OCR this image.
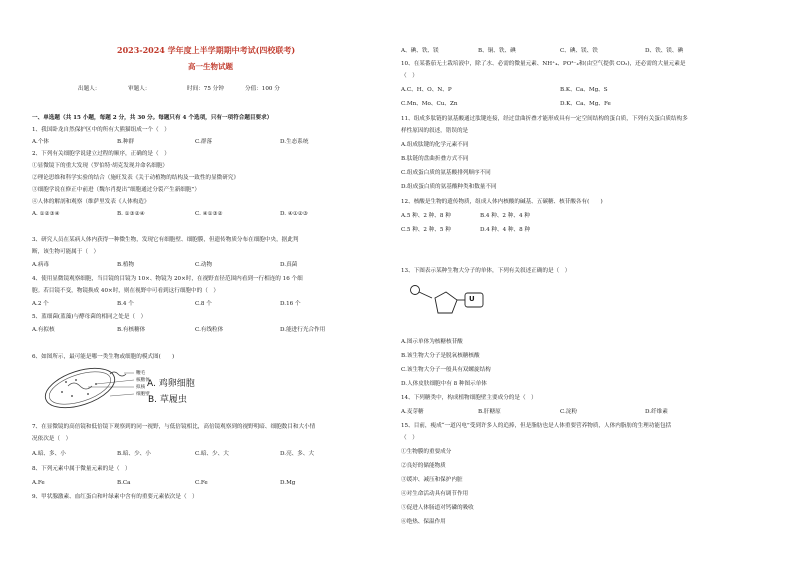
2023-2024 学年度上半学期期中考试(四校联考)
高一生物试题
出题人：	审题人：	时间：75 分钟	分值：100 分
一、单选题（共 15 小题，每题 2 分，共 30 分。每题只有 4 个选项，只有一项符合题目要求）
1、我国卧龙自然保护区中的所有大熊猫组成一个（　）
A.个体	B.种群	C.群落	D.生态系统
2、下列有关细胞学说建立过程的顺序，正确的是（　）
①显微镜下的重大发现（罗伯特·胡克发现并命名细胞）
②理论思维和科学实验的结合（施旺发表《关于动植物的结构及一致性的显微研究》
③细胞学说在修正中前进（魏尔肖提出“细胞通过分裂产生新细胞”）
④人体的解剖和观察（维萨里发表《人体构造》
A. ①②③④	B. ①③②④	C. ④①③②	D. ④①②③
3、研究人员在某病人体内获得一种微生物，发现它有细胞壁、细胞膜，但遗传物质分布在细胞中央，据此判
断，该生物可能属于（　）
A.病毒	B.植物	C.动物	D.真菌
4、使用显微镜观察细胞，当目镜的目镜为 10×、物镜为 20×时，在视野直径范围内看到一行相连的 16 个细
胞。若目镜不变，物镜换成 40×时，则在视野中可看到这行细胞中的（　）
A.2 个	B.4 个	C.8 个	D.16 个
5、蓝细菌(蓝藻)与酵母菌的相同之处是（　）
A.有拟核	B.有核糖体	C.有线粒体	D.能进行光合作用
6、如图所示，最可能是哪一类生物或细胞的模式图(　　)
鞭毛
核糖体
拟核
细胞壁
A. 鸡卵细胞
B. 草履虫
7、在显微镜的高倍镜和低倍镜下观察到的同一视野，与低倍镜相比，高倍镜观察到的视野明暗、细胞数目和大小情
况依次是（　）
A.暗、多、小	B.暗、少、小	C.暗、少、大	D.亮、多、大
8、下列元素中属于微量元素的是（　）
A.Fe	B.Ca	C.Fe	D.Mg
9、甲状腺激素、血红蛋白和叶绿素中含有的重要元素依次是（　）
A、碘、铁、镁	B、铜、铁、碘	C、碘、镁、铁	D、铁、镁、碘
10、在某番茄无土栽培液中，除了水、必需的微量元素、NH⁺₄、PO³⁻₄和(由空气提供 CO₂)，还必需的大量元素是
（　）
A.C、H、O、N、P	B.K、Ca、Mg、S
C.Mn、Mo、Cu、Zn	D.K、Ca、Mg、Fe
11、组成多肽链的氨基酸通过肽键连接，经过盘曲折叠才能形成具有一定空间结构的蛋白质，下列有关蛋白质结构多
样性原因的叙述，错误的是
A.组成肽键的化学元素不同
B.肽链的盘曲折叠方式不同
C.组成蛋白质的氨基酸排列顺序不同
D.组成蛋白质的氨基酸种类和数量不同
12、核酸是生物的遗传物质，组成人体内核酸的碱基、五碳糖、核苷酸各有(　　)
A.5 种、2 种、8 种	B.4 种、2 种、4 种
C.5 种、2 种、5 种	D.4 种、4 种、8 种
13、下图表示某种生物大分子的单体，下列有关叙述正确的是（　）
U
A.图示单体为核糖核苷酸
B.该生物大分子是脱氧核糖核酸
C.该生物大分子一般具有双螺旋结构
D.人体皮肤细胞中有 8 种图示单体
14、下列糖类中，构成植物细胞壁主要成分的是（　）
A.麦芽糖	B.肝糖原	C.淀粉	D.纤维素
15、目前，瘦成“一道闪电”受到许多人的追捧，但是脂肪也是人体重要营养物质，人体内脂肪的生理功能包括
（　）
①生物膜的重要成分
②良好的储能物质
③缓冲、减压和保护内脏
④对生命活动具有调节作用
⑤促进人体肠道对钙磷的吸收
⑥绝热、保温作用
